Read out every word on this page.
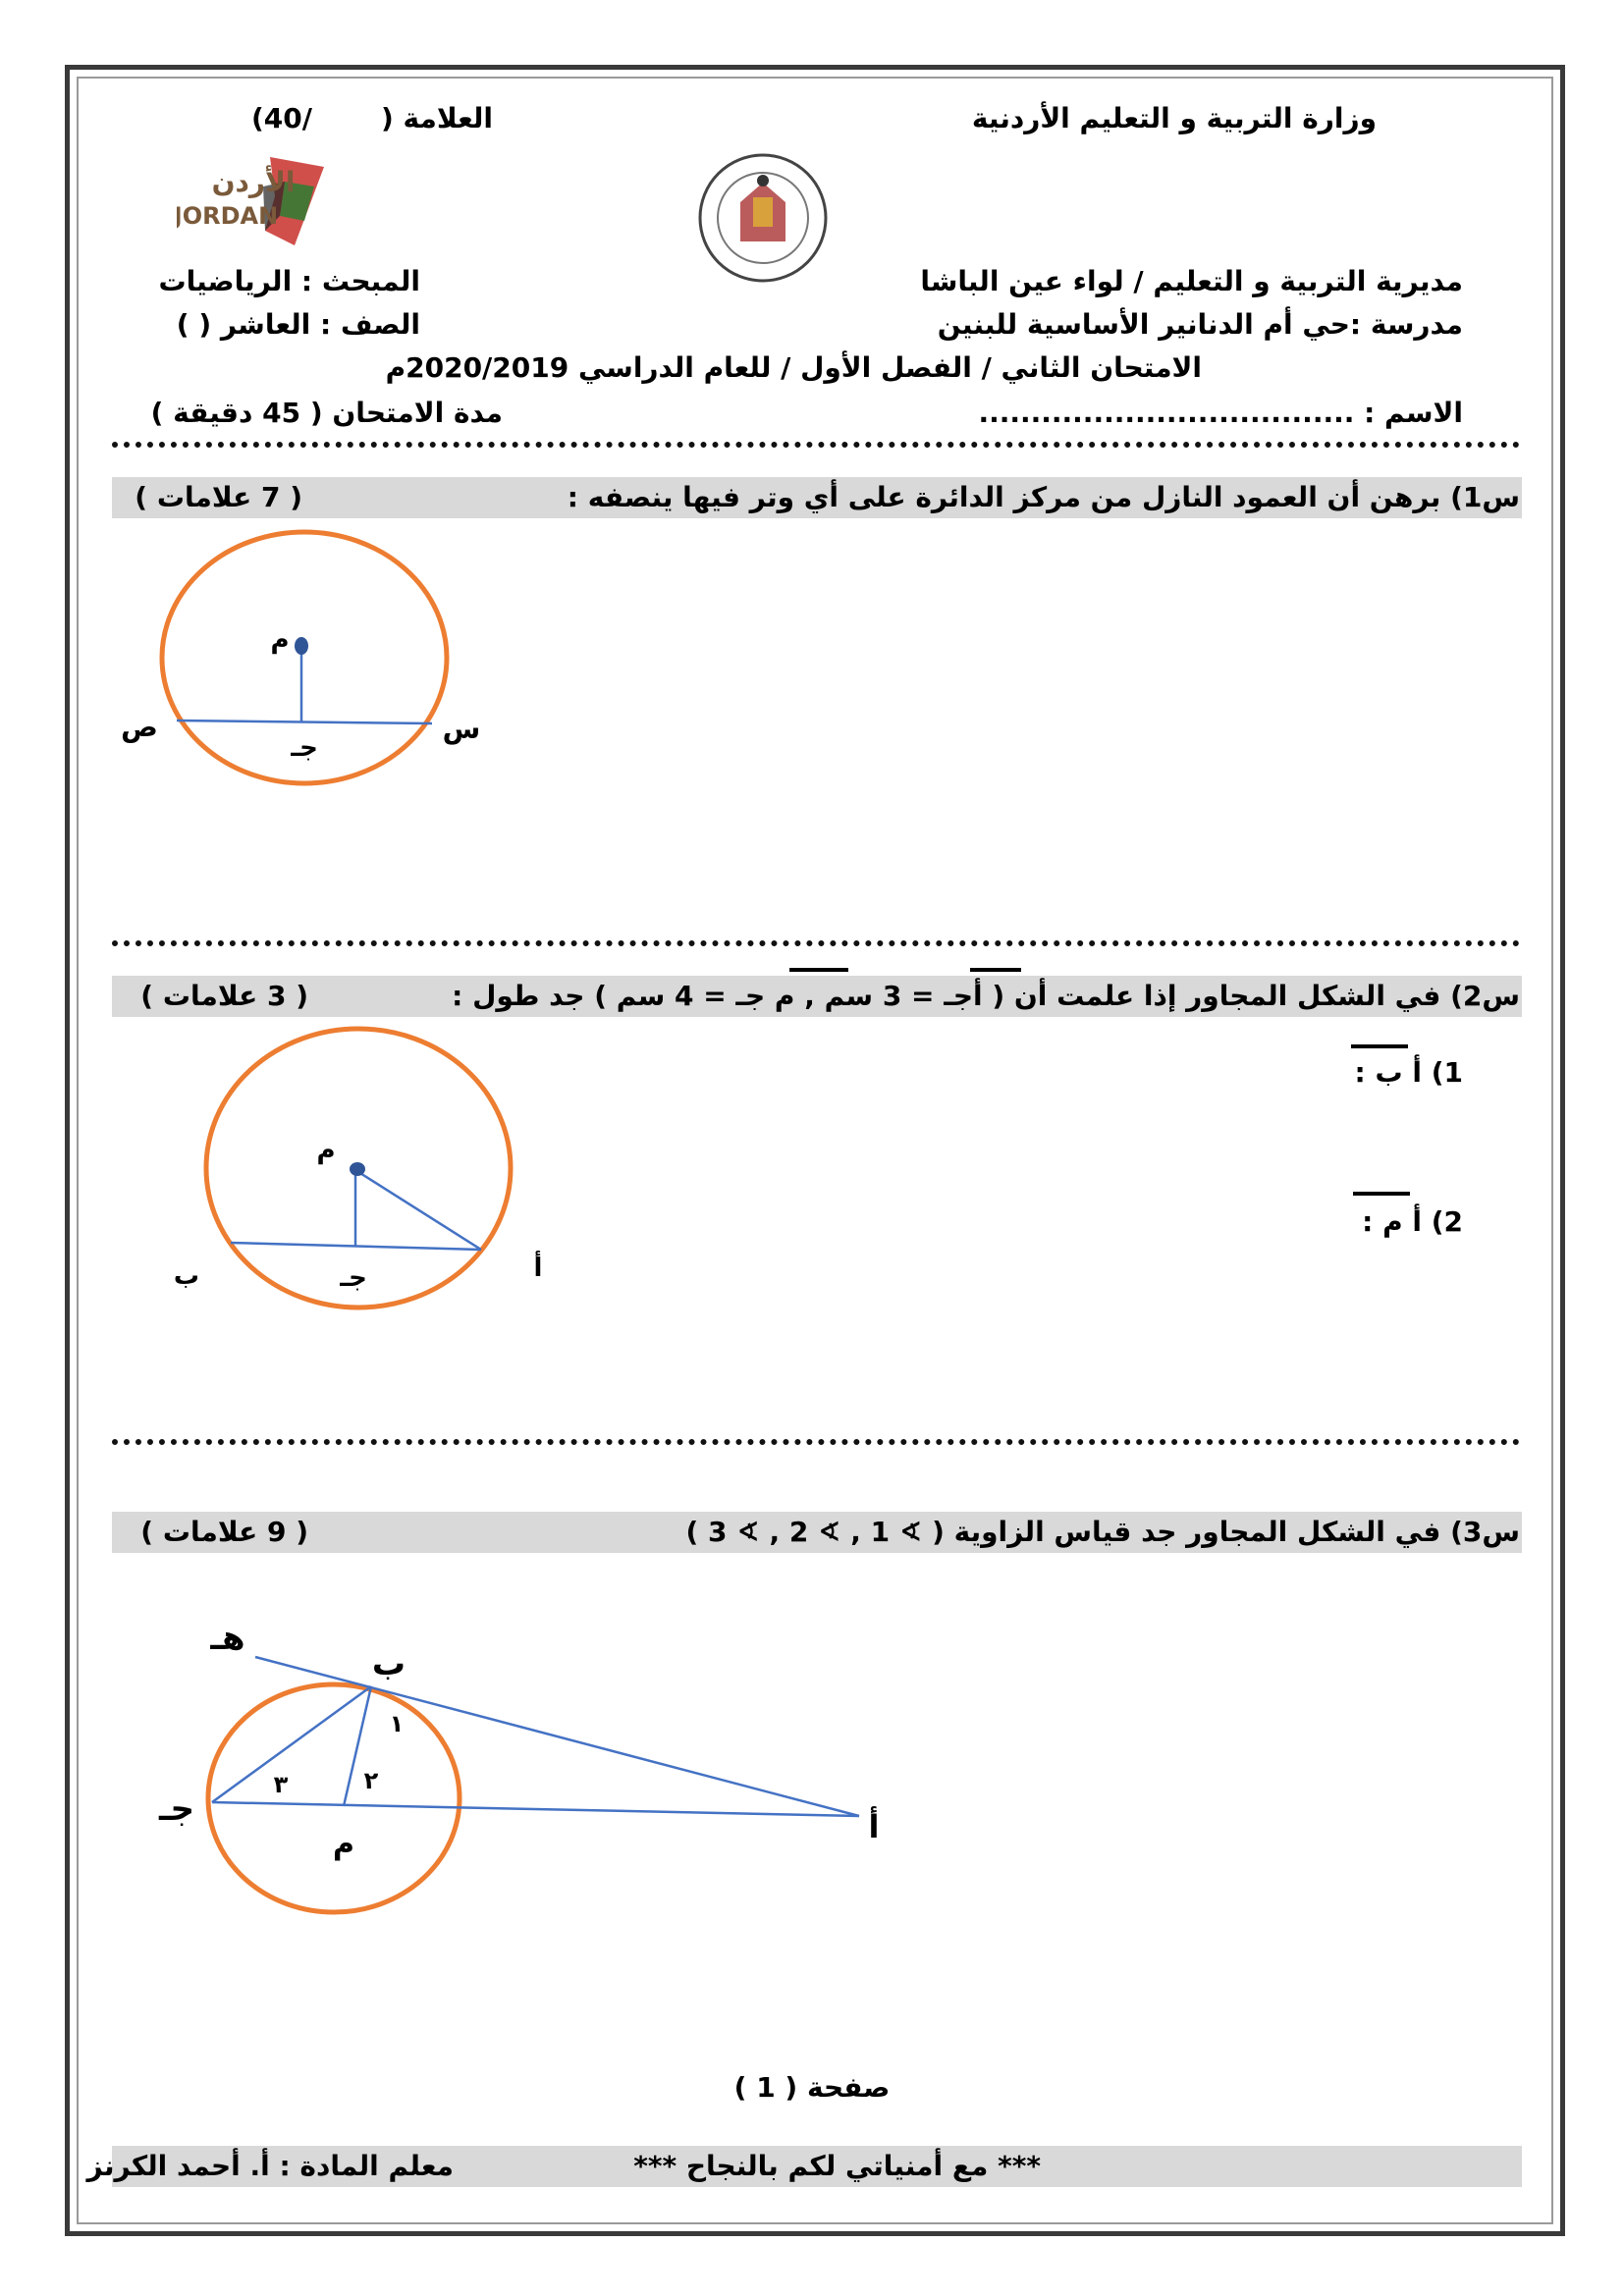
وزارة التربية و التعليم الأردنية
العلامة (
(40/
الأردن
JORDAN
مديرية التربية و التعليم / لواء عين الباشا
المبحث : الرياضيات
مدرسة :حي أم الدنانير الأساسية للبنين
الصف : العاشر ( )
الامتحان الثاني / الفصل الأول / للعام الدراسي 2020/2019م
الاسم : ....................................
مدة الامتحان ( 45 دقيقة )
س1) برهن أن العمود النازل من مركز الدائرة على أي وتر فيها ينصفه :
( 7 علامات )
م
جـ
ص	س
س2) في الشكل المجاور إذا علمت أن ( أجـ = 3 سم , م جـ = 4 سم ) جد طول :
( 3 علامات )
1) أ ب :
2) أ م :
م
جـ
ب	أ
س3) في الشكل المجاور جد قياس الزاوية ( ∢ 1 , ∢ 2 , ∢ 3 )
( 9 علامات )
هـ
ب
جـ
م	أ
١
٢
٣
صفحة ( 1 )
*** مع أمنياتي لكم بالنجاح ***
معلم المادة : أ. أحمد الكرنز
